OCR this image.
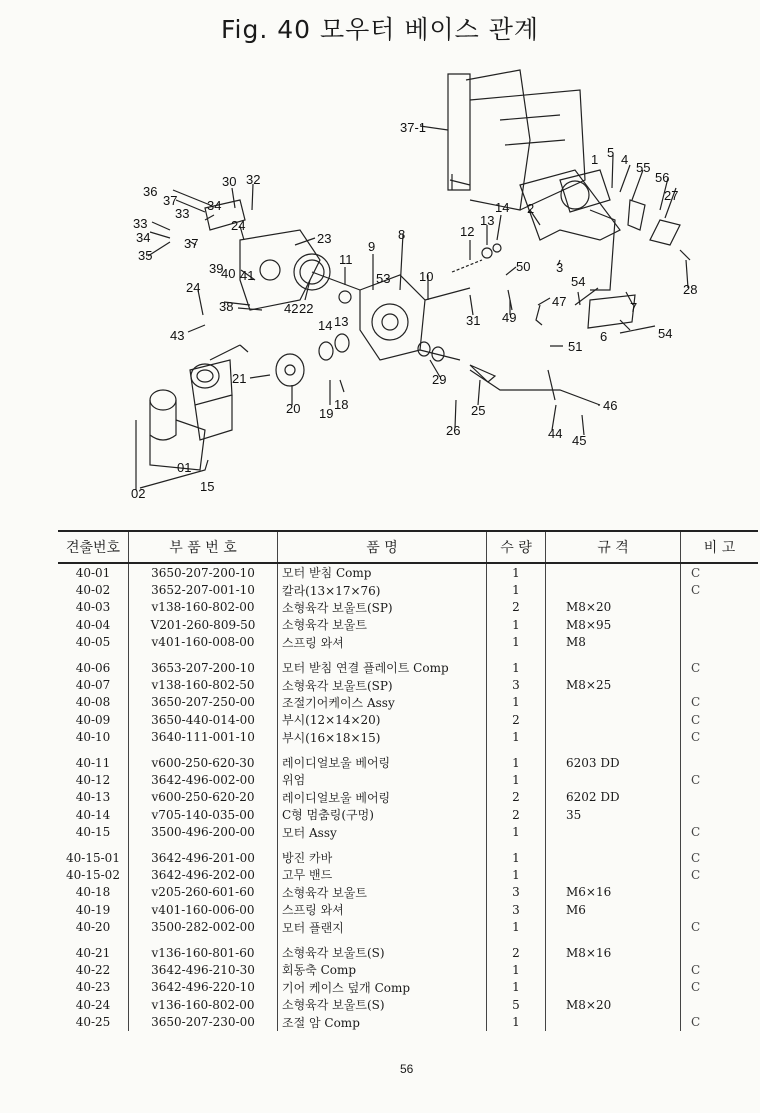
Fig. 40 모우터 베이스 관계
37-1
1 5 4
55
56
27
2
3
28
36
37
30 32
34
33
33
34	37
35
24
23	12
13
14
9
8
11
53 10
50
39
40 41
42 22
38
24
43
14 13	31 49
47
54
7
6	54
51
21
20 19
18
29
25
26	44 45
46
01
15
02
견출번호	부 품 번 호	품 명	수 량	규 격	비 고
40-01	3650-207-200-10	모터 받침 Comp	1		C
40-02	3652-207-001-10	칼라(13×17×76)	1		C
40-03	v138-160-802-00	소형육각 보울트(SP)	2	M8×20	
40-04	V201-260-809-50	소형육각 보울트	1	M8×95	
40-05	v401-160-008-00	스프링 와셔	1	M8	
40-06	3653-207-200-10	모터 받침 연결 플레이트 Comp	1		C
40-07	v138-160-802-50	소형육각 보울트(SP)	3	M8×25	
40-08	3650-207-250-00	조절기어케이스 Assy	1		C
40-09	3650-440-014-00	부시(12×14×20)	2		C
40-10	3640-111-001-10	부시(16×18×15)	1		C
40-11	v600-250-620-30	레이디얼보울 베어링	1	6203 DD	
40-12	3642-496-002-00	위엄	1		C
40-13	v600-250-620-20	레이디얼보울 베어링	2	6202 DD	
40-14	v705-140-035-00	C형 멈춤링(구멍)	2	35	
40-15	3500-496-200-00	모터 Assy	1		C
40-15-01	3642-496-201-00	방진 카바	1		C
40-15-02	3642-496-202-00	고무 밴드	1		C
40-18	v205-260-601-60	소형육각 보울트	3	M6×16	
40-19	v401-160-006-00	스프링 와셔	3	M6	
40-20	3500-282-002-00	모터 플랜지	1		C
40-21	v136-160-801-60	소형육각 보울트(S)	2	M8×16	
40-22	3642-496-210-30	회동축 Comp	1		C
40-23	3642-496-220-10	기어 케이스 덮개 Comp	1		C
40-24	v136-160-802-00	소형육각 보울트(S)	5	M8×20	
40-25	3650-207-230-00	조절 암 Comp	1		C
56
